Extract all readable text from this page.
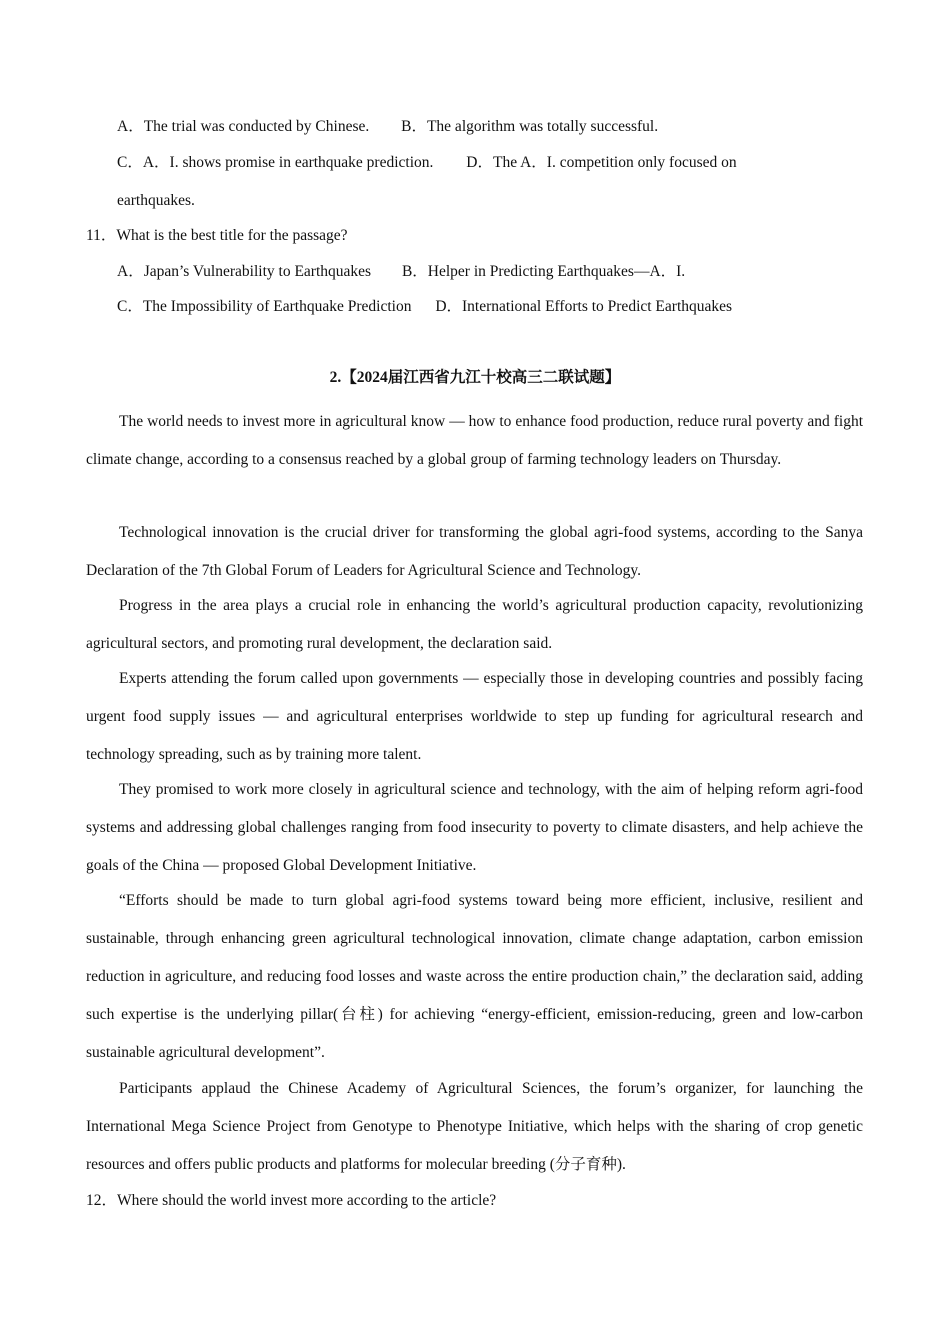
A．The trial was conducted by Chinese. B．The algorithm was totally successful.
C．A．I. shows promise in earthquake prediction. D．The A．I. competition only focused on
earthquakes.
11．What is the best title for the passage?
A．Japan’s Vulnerability to Earthquakes B．Helper in Predicting Earthquakes—A．I.
C．The Impossibility of Earthquake Prediction D．International Efforts to Predict Earthquakes
2.【2024届江西省九江十校高三二联试题】

The world needs to invest more in agricultural know — how to enhance food production, reduce rural poverty and fight climate change, according to a consensus reached by a global group of farming technology leaders on Thursday.

Technological innovation is the crucial driver for transforming the global agri-food systems, according to the Sanya Declaration of the 7th Global Forum of Leaders for Agricultural Science and Technology.

Progress in the area plays a crucial role in enhancing the world’s agricultural production capacity, revolutionizing agricultural sectors, and promoting rural development, the declaration said.

Experts attending the forum called upon governments — especially those in developing countries and possibly facing urgent food supply issues — and agricultural enterprises worldwide to step up funding for agricultural research and technology spreading, such as by training more talent.

They promised to work more closely in agricultural science and technology, with the aim of helping reform agri-food systems and addressing global challenges ranging from food insecurity to poverty to climate disasters, and help achieve the goals of the China — proposed Global Development Initiative.

“Efforts should be made to turn global agri-food systems toward being more efficient, inclusive, resilient and sustainable, through enhancing green agricultural technological innovation, climate change adaptation, carbon emission reduction in agriculture, and reducing food losses and waste across the entire production chain,” the declaration said, adding such expertise is the underlying pillar(台柱) for achieving “energy-efficient, emission-reducing, green and low-carbon sustainable agricultural development”.

Participants applaud the Chinese Academy of Agricultural Sciences, the forum’s organizer, for launching the International Mega Science Project from Genotype to Phenotype Initiative, which helps with the sharing of crop genetic resources and offers public products and platforms for molecular breeding (分子育种).

12．Where should the world invest more according to the article?
